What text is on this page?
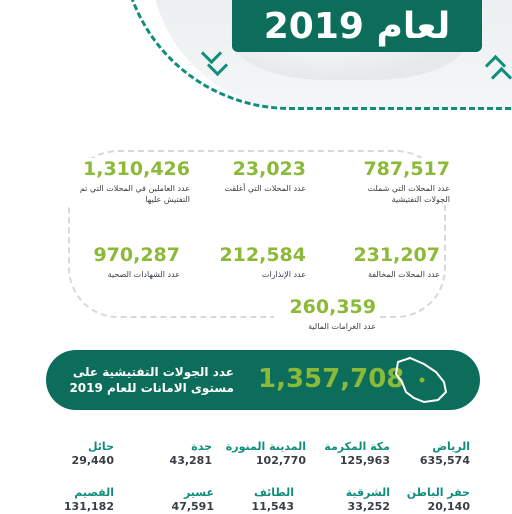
لعام 2019
787,517
عدد المحلات التي شملت الجولات التفتيشية
23,023
عدد المحلات التي أغلقت
1,310,426
عدد العاملين في المحلات التي تم التفتيش عليها
231,207
عدد المحلات المخالفة
212,584
عدد الإنذارات
970,287
عدد الشهادات الصحية
260,359
عدد الغرامات المالية
عدد الجولات التفتيشية على مستوى الامانات للعام 2019 1,357,708
الرياض
635,574
مكة المكرمة
125,963
المدينة المنورة
102,770
جدة
43,281
حائل
29,440
حفر الباطن
20,140
الشرقية
33,252
الطائف
11,543
عسير
47,591
القصيم
131,182
